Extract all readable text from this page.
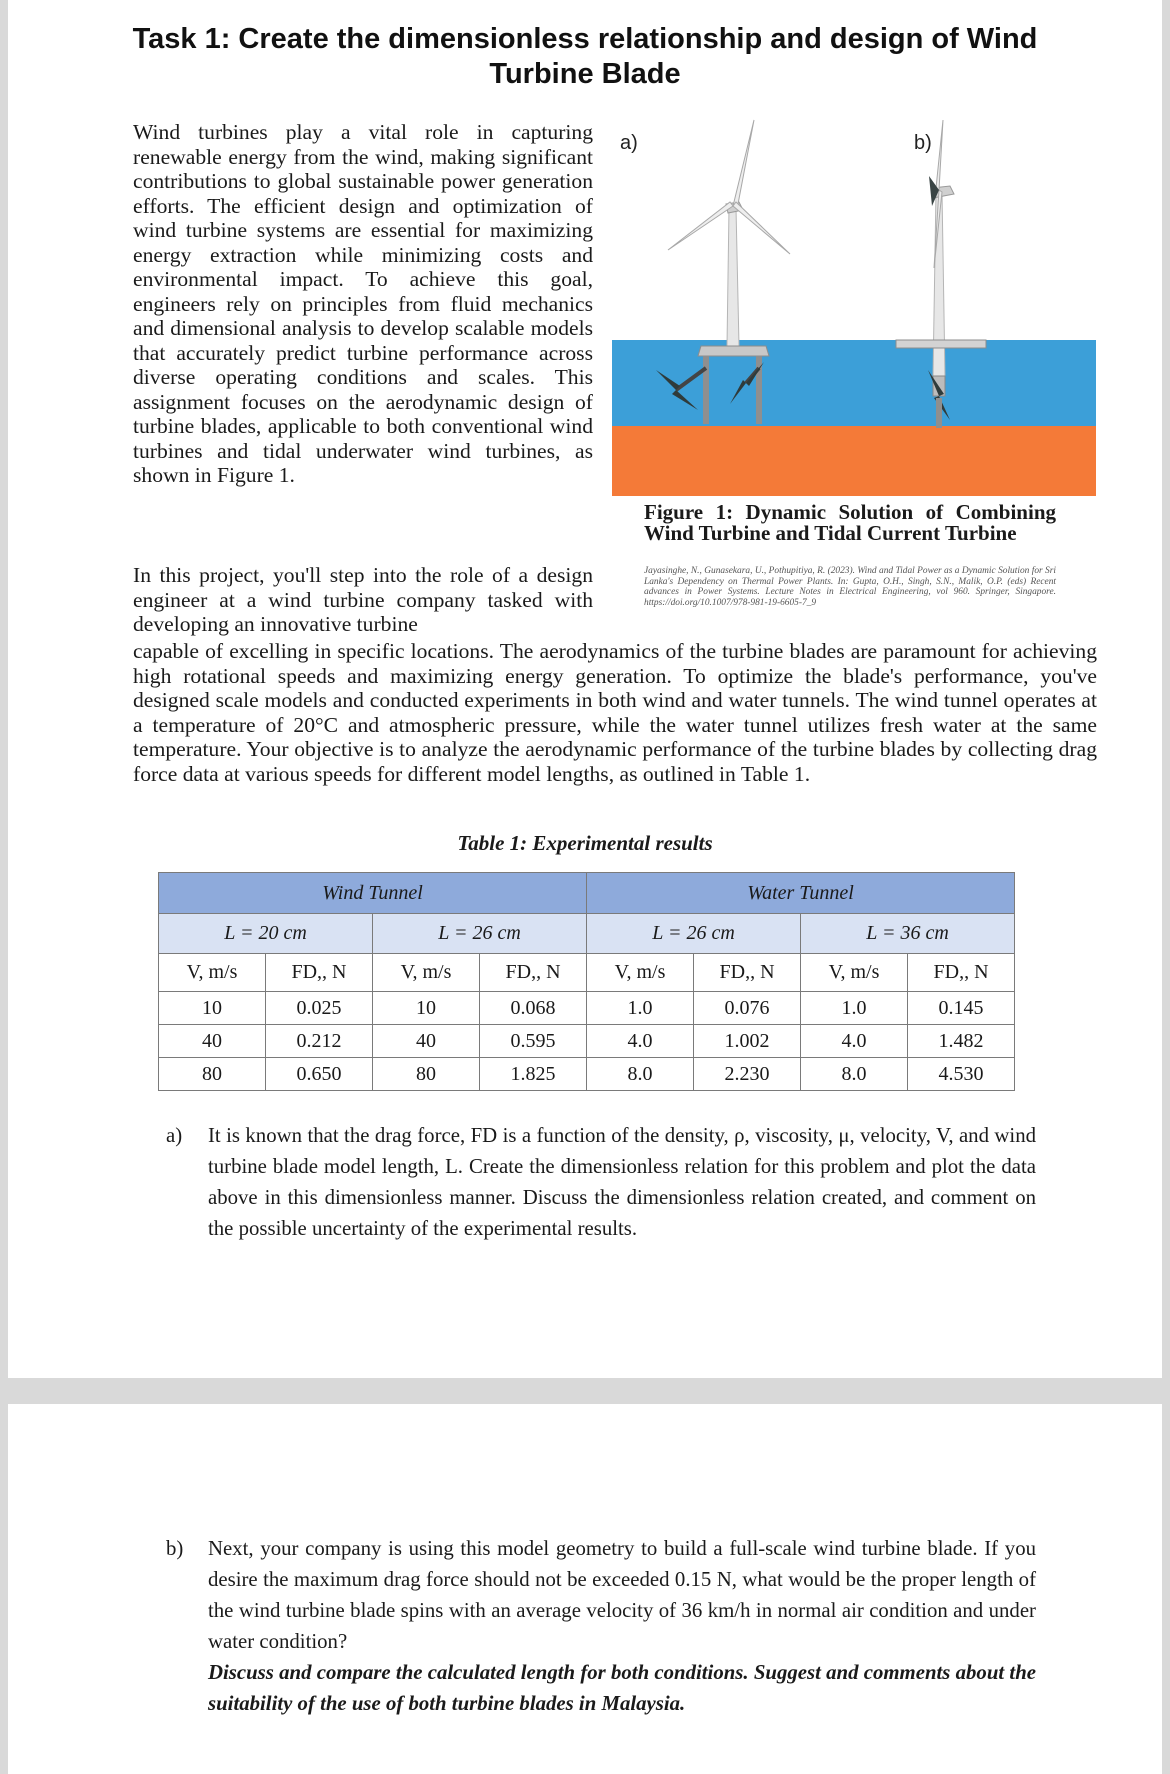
Task 1: Create the dimensionless relationship and design of Wind
Turbine Blade

Wind turbines play a vital role in capturing renewable energy from the wind, making significant contributions to global sustainable power generation efforts. The efficient design and optimization of wind turbine systems are essential for maximizing energy extraction while minimizing costs and environmental impact. To achieve this goal, engineers rely on principles from fluid mechanics and dimensional analysis to develop scalable models that accurately predict turbine performance across diverse operating conditions and scales. This assignment focuses on the aerodynamic design of turbine blades, applicable to both conventional wind turbines and tidal underwater wind turbines, as shown in Figure 1.

a)	b)

Figure 1: Dynamic Solution of Combining Wind Turbine and Tidal Current Turbine

Jayasinghe, N., Gunasekara, U., Pothupitiya, R. (2023). Wind and Tidal Power as a Dynamic Solution for Sri Lanka's Dependency on Thermal Power Plants. In: Gupta, O.H., Singh, S.N., Malik, O.P. (eds) Recent advances in Power Systems. Lecture Notes in Electrical Engineering, vol 960. Springer, Singapore. https://doi.org/10.1007/978-981-19-6605-7_9

In this project, you'll step into the role of a design engineer at a wind turbine company tasked with developing an innovative turbine

capable of excelling in specific locations. The aerodynamics of the turbine blades are paramount for achieving high rotational speeds and maximizing energy generation. To optimize the blade's performance, you've designed scale models and conducted experiments in both wind and water tunnels. The wind tunnel operates at a temperature of 20°C and atmospheric pressure, while the water tunnel utilizes fresh water at the same temperature. Your objective is to analyze the aerodynamic performance of the turbine blades by collecting drag force data at various speeds for different model lengths, as outlined in Table 1.

Table 1: Experimental results
Wind Tunnel				Water Tunnel			
L = 20 cm		L = 26 cm		L = 26 cm		L = 36 cm	
V, m/s	FD,, N	V, m/s	FD,, N	V, m/s	FD,, N	V, m/s	FD,, N
10	0.025	10	0.068	1.0	0.076	1.0	0.145
40	0.212	40	0.595	4.0	1.002	4.0	1.482
80	0.650	80	1.825	8.0	2.230	8.0	4.530
a) It is known that the drag force, FD is a function of the density, ρ, viscosity, μ, velocity, V, and wind turbine blade model length, L. Create the dimensionless relation for this problem and plot the data above in this dimensionless manner. Discuss the dimensionless relation created, and comment on the possible uncertainty of the experimental results.
b) Next, your company is using this model geometry to build a full-scale wind turbine blade. If you desire the maximum drag force should not be exceeded 0.15 N, what would be the proper length of the wind turbine blade spins with an average velocity of 36 km/h in normal air condition and under water condition?
Discuss and compare the calculated length for both conditions. Suggest and comments about the suitability of the use of both turbine blades in Malaysia.
